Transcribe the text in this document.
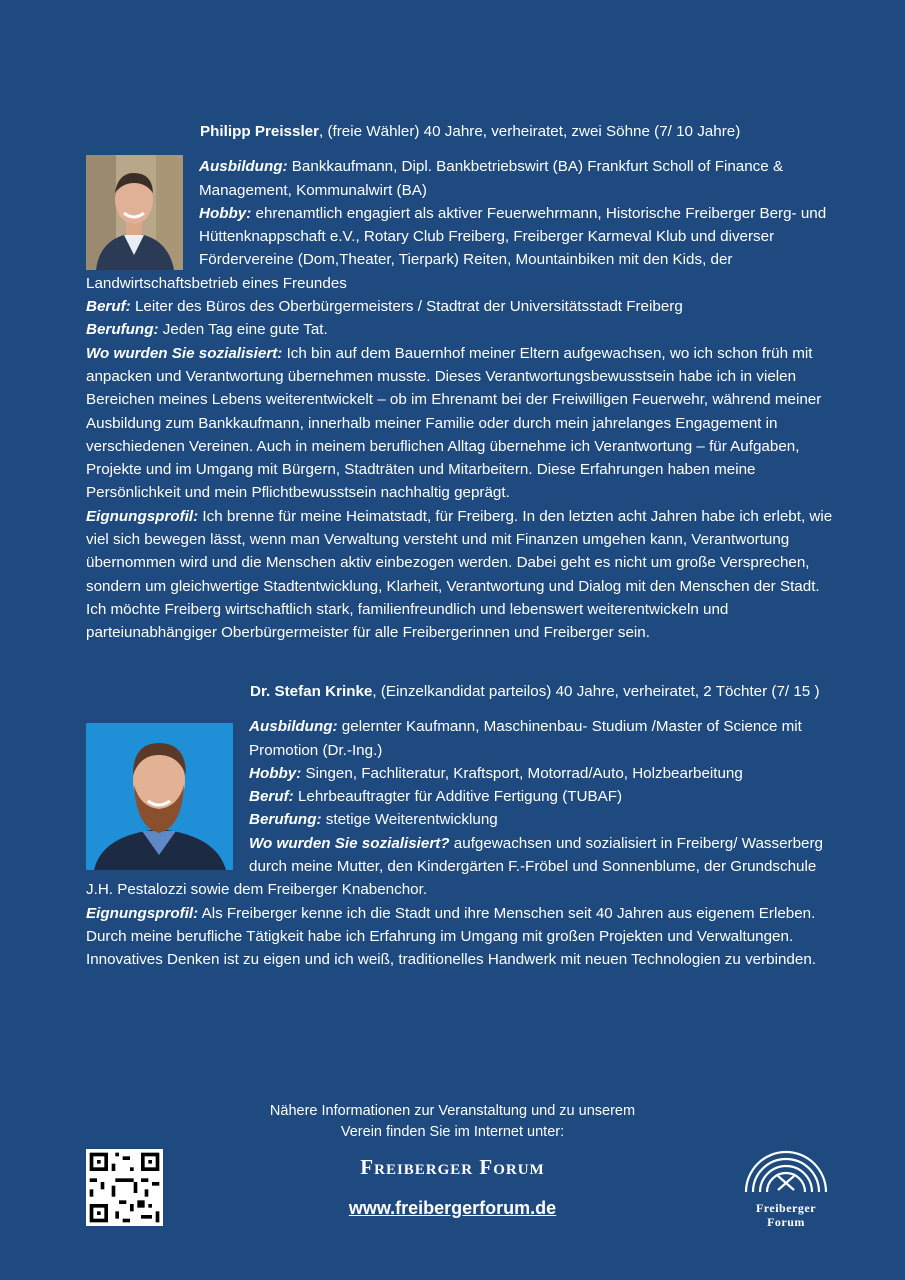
Philipp Preissler, (freie Wähler) 40 Jahre, verheiratet, zwei Söhne (7/ 10 Jahre)

Ausbildung: Bankkaufmann, Dipl. Bankbetriebswirt (BA) Frankfurt Scholl of Finance & Management, Kommunalwirt (BA)

Hobby: ehrenamtlich engagiert als aktiver Feuerwehrmann, Historische Freiberger Berg- und Hüttenknappschaft e.V., Rotary Club Freiberg, Freiberger Karmeval Klub und diverser Fördervereine (Dom,Theater, Tierpark) Reiten, Mountainbiken mit den Kids, der Landwirtschaftsbetrieb eines Freundes

Beruf: Leiter des Büros des Oberbürgermeisters / Stadtrat der Universitätsstadt Freiberg

Berufung: Jeden Tag eine gute Tat.

Wo wurden Sie sozialisiert: Ich bin auf dem Bauernhof meiner Eltern aufgewachsen, wo ich schon früh mit anpacken und Verantwortung übernehmen musste. Dieses Verantwortungsbewusstsein habe ich in vielen Bereichen meines Lebens weiterentwickelt – ob im Ehrenamt bei der Freiwilligen Feuerwehr, während meiner Ausbildung zum Bankkaufmann, innerhalb meiner Familie oder durch mein jahrelanges Engagement in verschiedenen Vereinen. Auch in meinem beruflichen Alltag übernehme ich Verantwortung – für Aufgaben, Projekte und im Umgang mit Bürgern, Stadträten und Mitarbeitern. Diese Erfahrungen haben meine Persönlichkeit und mein Pflichtbewusstsein nachhaltig geprägt.

Eignungsprofil: Ich brenne für meine Heimatstadt, für Freiberg. In den letzten acht Jahren habe ich erlebt, wie viel sich bewegen lässt, wenn man Verwaltung versteht und mit Finanzen umgehen kann, Verantwortung übernommen wird und die Menschen aktiv einbezogen werden. Dabei geht es nicht um große Versprechen, sondern um gleichwertige Stadtentwicklung, Klarheit, Verantwortung und Dialog mit den Menschen der Stadt. Ich möchte Freiberg wirtschaftlich stark, familienfreundlich und lebenswert weiterentwickeln und parteiunabhängiger Oberbürgermeister für alle Freibergerinnen und Freiberger sein.

Dr. Stefan Krinke, (Einzelkandidat parteilos) 40 Jahre, verheiratet, 2 Töchter (7/ 15 )

Ausbildung: gelernter Kaufmann, Maschinenbau- Studium /Master of Science mit Promotion (Dr.-Ing.)

Hobby: Singen, Fachliteratur, Kraftsport, Motorrad/Auto, Holzbearbeitung

Beruf: Lehrbeauftragter für Additive Fertigung (TUBAF)

Berufung: stetige Weiterentwicklung

Wo wurden Sie sozialisiert? aufgewachsen und sozialisiert in Freiberg/ Wasserberg durch meine Mutter, den Kindergärten F.-Fröbel und Sonnenblume, der Grundschule J.H. Pestalozzi sowie dem Freiberger Knabenchor.

Eignungsprofil: Als Freiberger kenne ich die Stadt und ihre Menschen seit 40 Jahren aus eigenem Erleben. Durch meine berufliche Tätigkeit habe ich Erfahrung im Umgang mit großen Projekten und Verwaltungen. Innovatives Denken ist zu eigen und ich weiß, traditionelles Handwerk mit neuen Technologien zu verbinden.

Nähere Informationen zur Veranstaltung und zu unserem
Verein finden Sie im Internet unter:
Freiberger Forum
www.freibergerforum.de	Freiberger
Forum
